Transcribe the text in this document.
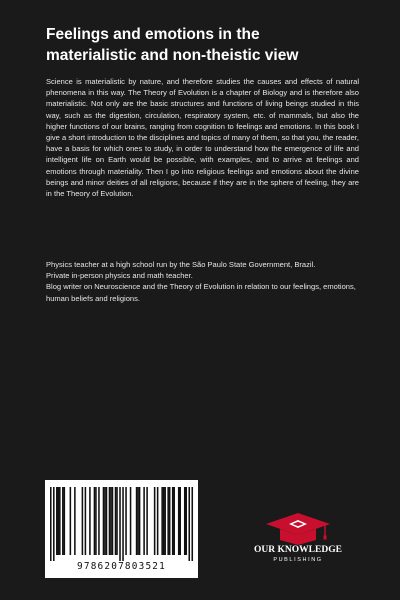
Feelings and emotions in the
materialistic and non-theistic view

Science is materialistic by nature, and therefore studies the causes and effects of natural phenomena in this way. The Theory of Evolution is a chapter of Biology and is therefore also materialistic. Not only are the basic structures and functions of living beings studied in this way, such as the digestion, circulation, respiratory system, etc. of mammals, but also the higher functions of our brains, ranging from cognition to feelings and emotions. In this book I give a short introduction to the disciplines and topics of many of them, so that you, the reader, have a basis for which ones to study, in order to understand how the emergence of life and intelligent life on Earth would be possible, with examples, and to arrive at feelings and emotions through materiality. Then I go into religious feelings and emotions about the divine beings and minor deities of all religions, because if they are in the sphere of feeling, they are in the Theory of Evolution.

Physics teacher at a high school run by the São Paulo State Government, Brazil.

Private in-person physics and math teacher.

Blog writer on Neuroscience and the Theory of Evolution in relation to our feelings, emotions, human beliefs and religions.

9786207803521
OUR KNOWLEDGE
PUBLISHING
